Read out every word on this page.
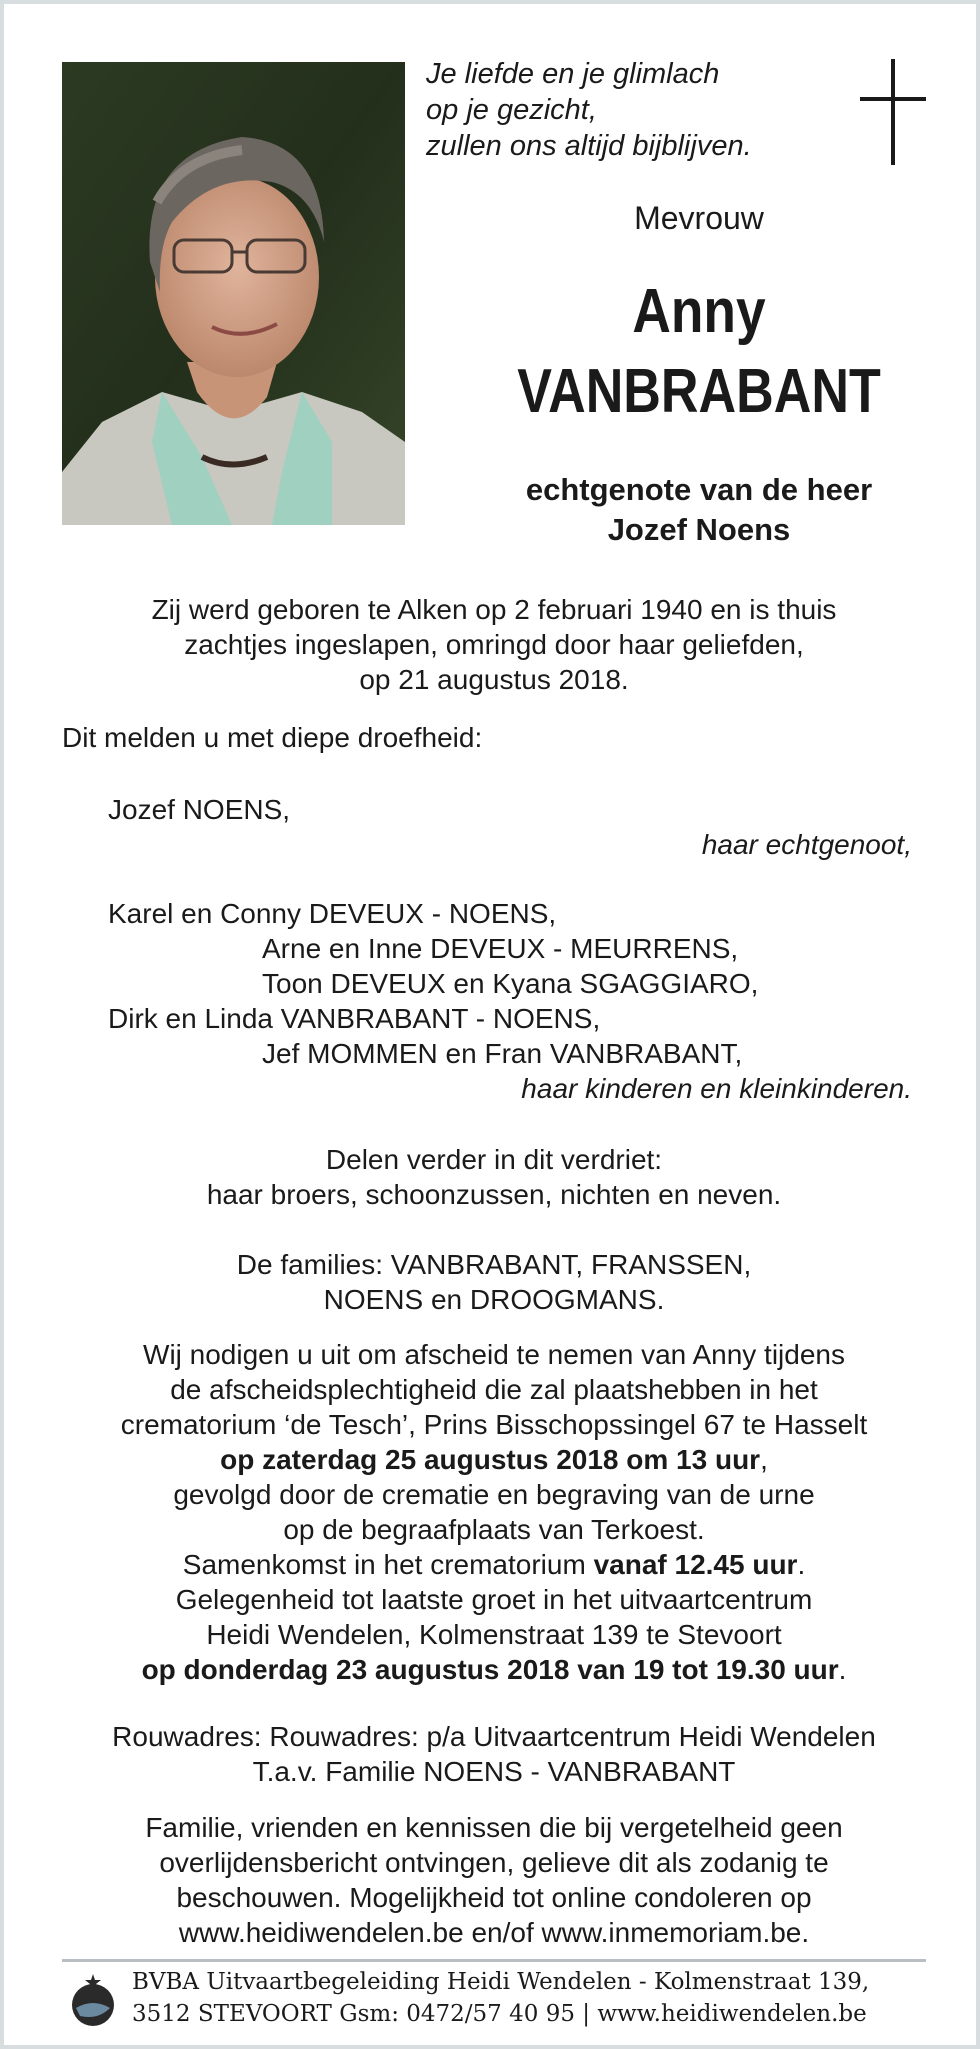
Je liefde en je glimlach
op je gezicht,
zullen ons altijd bijblijven.
Mevrouw
Anny
VANBRABANT
echtgenote van de heer
Jozef Noens
Zij werd geboren te Alken op 2 februari 1940 en is thuis
zachtjes ingeslapen, omringd door haar geliefden,
op 21 augustus 2018.
Dit melden u met diepe droefheid:
Jozef NOENS,
haar echtgenoot,
Karel en Conny DEVEUX - NOENS,
Arne en Inne DEVEUX - MEURRENS,
Toon DEVEUX en Kyana SGAGGIARO,
Dirk en Linda VANBRABANT - NOENS,
Jef MOMMEN en Fran VANBRABANT,
haar kinderen en kleinkinderen.
Delen verder in dit verdriet:
haar broers, schoonzussen, nichten en neven.
De families: VANBRABANT, FRANSSEN,
NOENS en DROOGMANS.
Wij nodigen u uit om afscheid te nemen van Anny tijdens
de afscheidsplechtigheid die zal plaatshebben in het
crematorium ‘de Tesch’, Prins Bisschopssingel 67 te Hasselt
op zaterdag 25 augustus 2018 om 13 uur,
gevolgd door de crematie en begraving van de urne
op de begraafplaats van Terkoest.
Samenkomst in het crematorium vanaf 12.45 uur.
Gelegenheid tot laatste groet in het uitvaartcentrum
Heidi Wendelen, Kolmenstraat 139 te Stevoort
op donderdag 23 augustus 2018 van 19 tot 19.30 uur.
Rouwadres: Rouwadres: p/a Uitvaartcentrum Heidi Wendelen
T.a.v. Familie NOENS - VANBRABANT
Familie, vrienden en kennissen die bij vergetelheid geen
overlijdensbericht ontvingen, gelieve dit als zodanig te
beschouwen. Mogelijkheid tot online condoleren op
www.heidiwendelen.be en/of www.inmemoriam.be.
BVBA Uitvaartbegeleiding Heidi Wendelen - Kolmenstraat 139,
3512 STEVOORT Gsm: 0472/57 40 95 | www.heidiwendelen.be
